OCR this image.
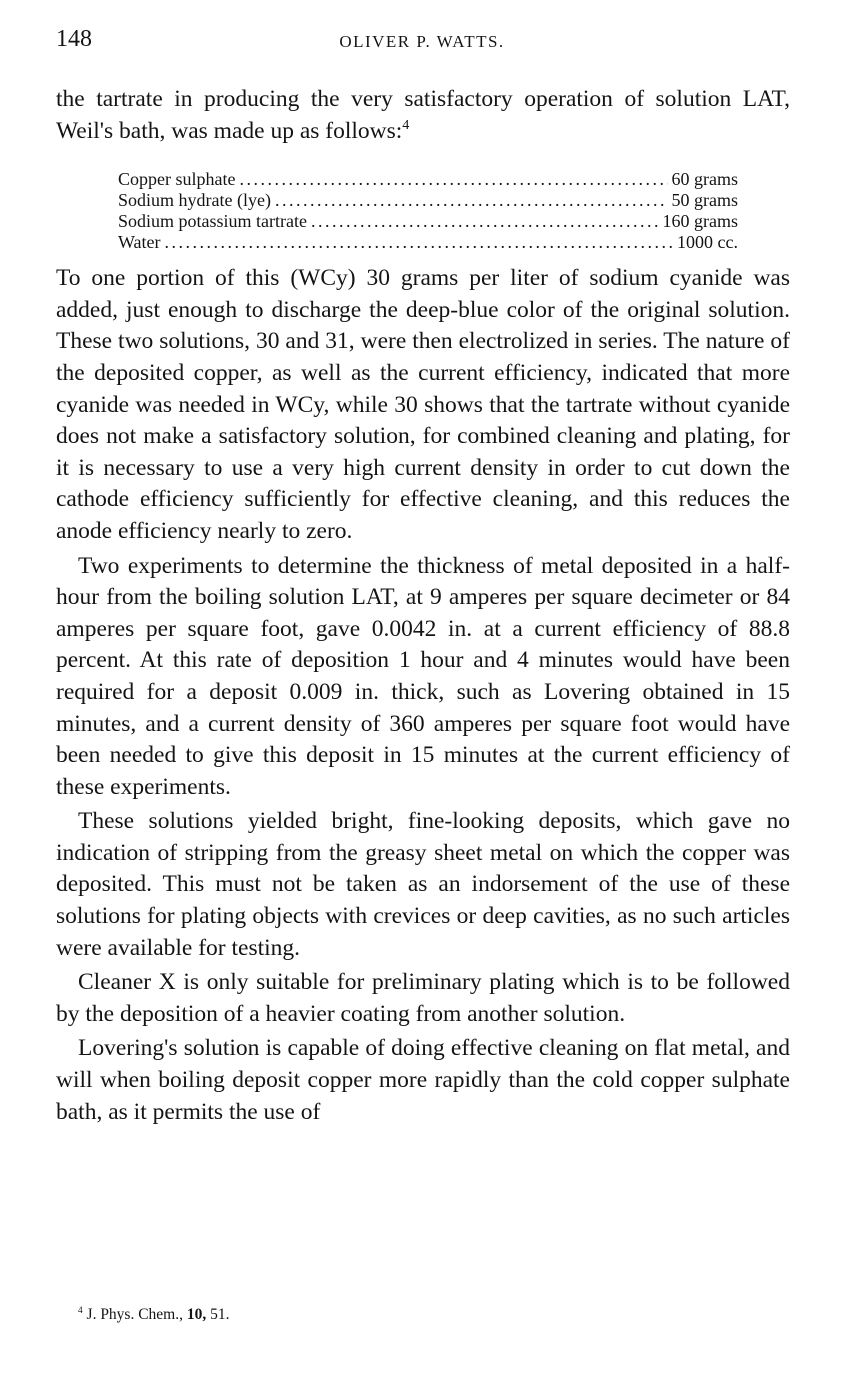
148	OLIVER P. WATTS.

the tartrate in producing the very satisfactory operation of solution LAT, Weil's bath, was made up as follows:$^4$

Copper sulphate . . .	60 grams
Sodium hydrate (lye) . . .	50 grams
Sodium potassium tartrate . . .	160 grams
Water . . .	1000 cc.

To one portion of this (WCy) 30 grams per liter of sodium cyanide was added, just enough to discharge the deep-blue color of the original solution. These two solutions, 30 and 31, were then electrolized in series. The nature of the deposited copper, as well as the current efficiency, indicated that more cyanide was needed in WCy, while 30 shows that the tartrate without cyanide does not make a satisfactory solution, for combined cleaning and plating, for it is necessary to use a very high current density in order to cut down the cathode efficiency sufficiently for effective cleaning, and this reduces the anode efficiency nearly to zero.

Two experiments to determine the thickness of metal deposited in a half-hour from the boiling solution LAT, at 9 amperes per square decimeter or 84 amperes per square foot, gave 0.0042 in. at a current efficiency of 88.8 percent. At this rate of deposition 1 hour and 4 minutes would have been required for a deposit 0.009 in. thick, such as Lovering obtained in 15 minutes, and a current density of 360 amperes per square foot would have been needed to give this deposit in 15 minutes at the current efficiency of these experiments.

These solutions yielded bright, fine-looking deposits, which gave no indication of stripping from the greasy sheet metal on which the copper was deposited. This must not be taken as an indorsement of the use of these solutions for plating objects with crevices or deep cavities, as no such articles were available for testing.

Cleaner X is only suitable for preliminary plating which is to be followed by the deposition of a heavier coating from another solution.

Lovering's solution is capable of doing effective cleaning on flat metal, and will when boiling deposit copper more rapidly than the cold copper sulphate bath, as it permits the use of

$^4$ J. Phys. Chem., 10, 51.
